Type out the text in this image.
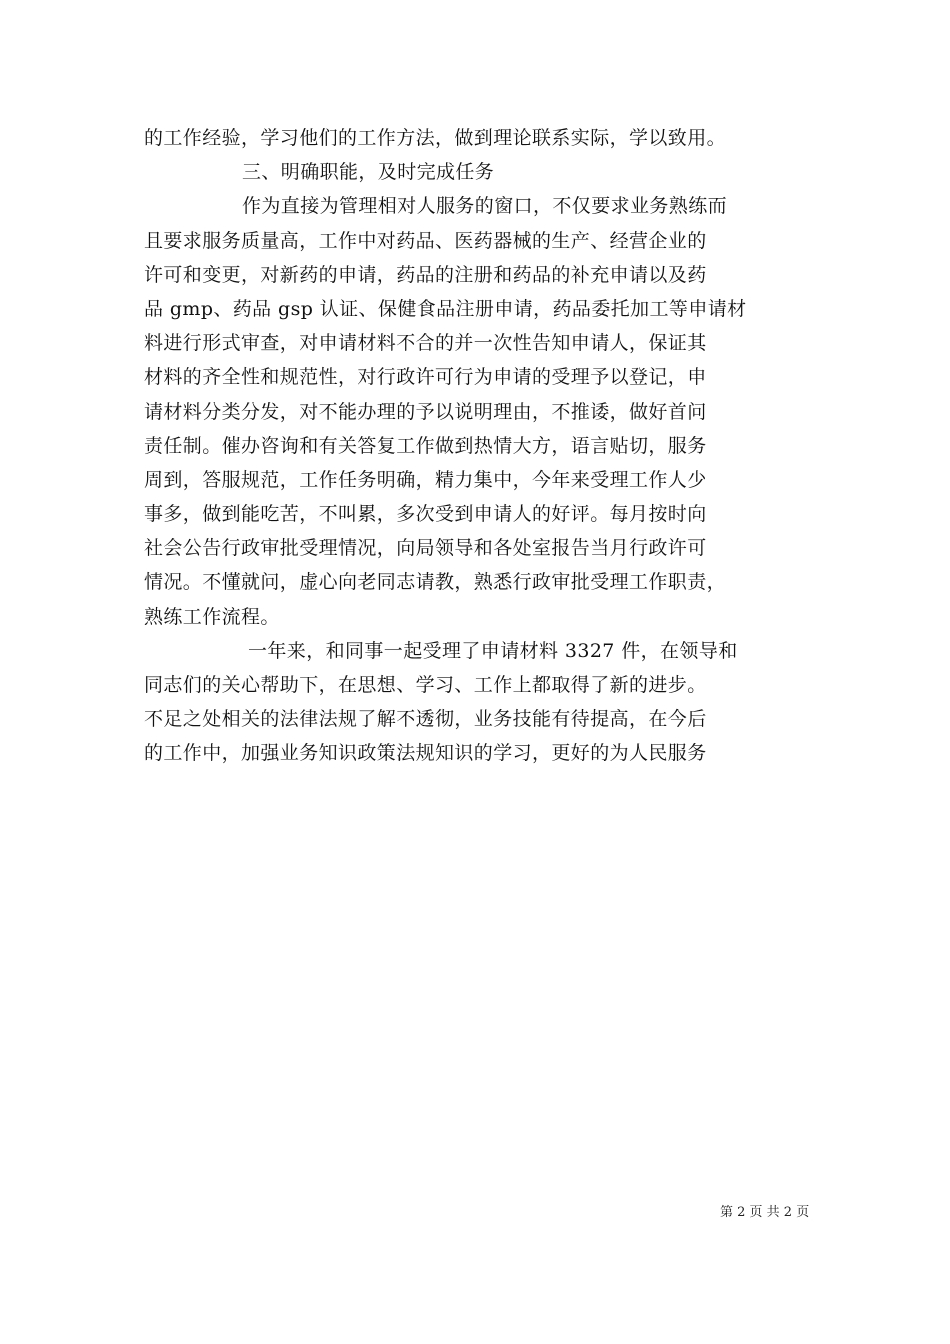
的工作经验，学习他们的工作方法，做到理论联系实际，学以致用。
三、明确职能，及时完成任务
作为直接为管理相对人服务的窗口，不仅要求业务熟练而
且要求服务质量高，工作中对药品、医药器械的生产、经营企业的
许可和变更，对新药的申请，药品的注册和药品的补充申请以及药
品 gmp、药品 gsp 认证、保健食品注册申请，药品委托加工等申请材
料进行形式审查，对申请材料不合的并一次性告知申请人，保证其
材料的齐全性和规范性，对行政许可行为申请的受理予以登记，申
请材料分类分发，对不能办理的予以说明理由，不推诿，做好首问
责任制。催办咨询和有关答复工作做到热情大方，语言贴切，服务
周到，答服规范，工作任务明确，精力集中，今年来受理工作人少
事多，做到能吃苦，不叫累，多次受到申请人的好评。每月按时向
社会公告行政审批受理情况，向局领导和各处室报告当月行政许可
情况。不懂就问，虚心向老同志请教，熟悉行政审批受理工作职责，
熟练工作流程。
一年来，和同事一起受理了申请材料 3327 件，在领导和
同志们的关心帮助下，在思想、学习、工作上都取得了新的进步。
不足之处相关的法律法规了解不透彻，业务技能有待提高，在今后
的工作中，加强业务知识政策法规知识的学习，更好的为人民服务
第 2 页 共 2 页
